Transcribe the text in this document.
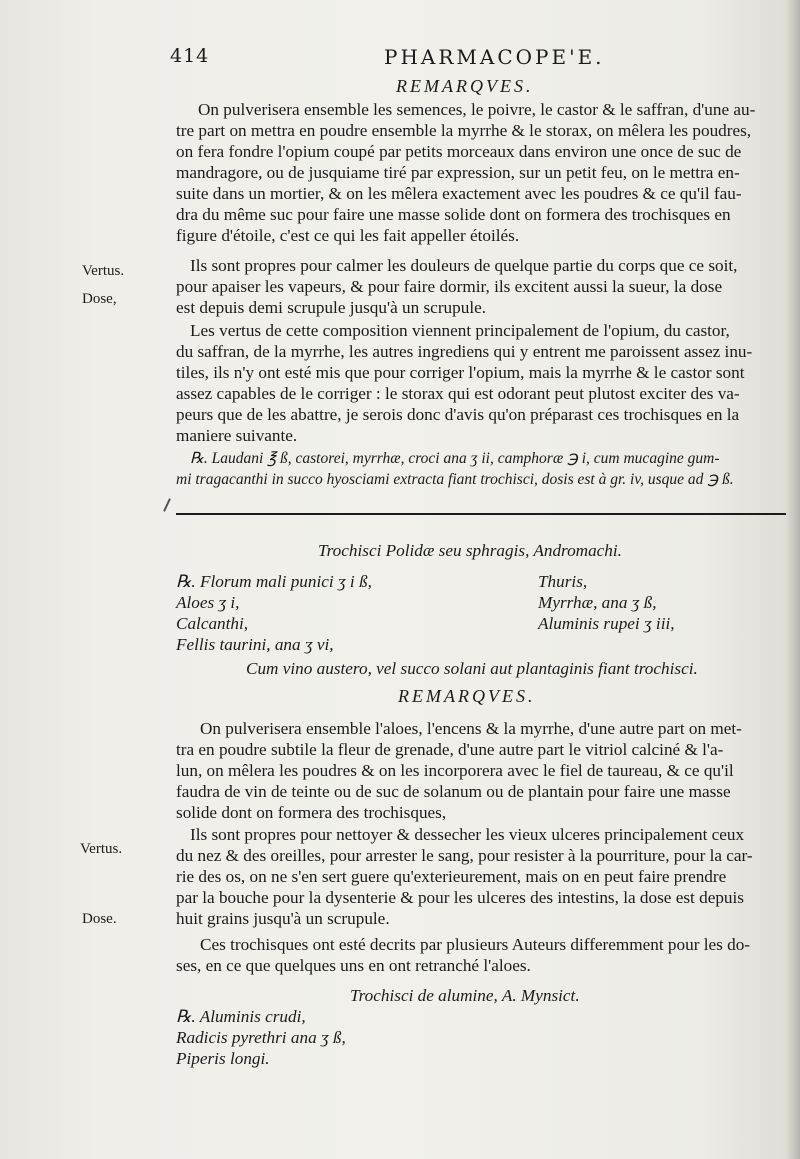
414	PHARMACOPE'E.
REMARQVES.
On pulverisera ensemble les semences, le poivre, le castor & le saffran, d'une au-
tre part on mettra en poudre ensemble la myrrhe & le storax, on mêlera les poudres,
on fera fondre l'opium coupé par petits morceaux dans environ une once de suc de
mandragore, ou de jusquiame tiré par expression, sur un petit feu, on le mettra en-
suite dans un mortier, & on les mêlera exactement avec les poudres & ce qu'il fau-
dra du même suc pour faire une masse solide dont on formera des trochisques en
figure d'étoile, c'est ce qui les fait appeller étoilés.
Vertus.
Dose,
Ils sont propres pour calmer les douleurs de quelque partie du corps que ce soit,
pour apaiser les vapeurs, & pour faire dormir, ils excitent aussi la sueur, la dose
est depuis demi scrupule jusqu'à un scrupule.
Les vertus de cette composition viennent principalement de l'opium, du castor,
du saffran, de la myrrhe, les autres ingrediens qui y entrent me paroissent assez inu-
tiles, ils n'y ont esté mis que pour corriger l'opium, mais la myrrhe & le castor sont
assez capables de le corriger : le storax qui est odorant peut plutost exciter des va-
peurs que de les abattre, je serois donc d'avis qu'on préparast ces trochisques en la
maniere suivante.
℞. Laudani ℥ ß, castorei, myrrhæ, croci ana ʒ ii, camphoræ ℈ i, cum mucagine gum-
mi tragacanthi in succo hyosciami extracta fiant trochisci, dosis est à gr. iv, usque ad ℈ ß.
Trochisci Polidæ seu sphragis, Andromachi.
℞. Florum mali punici ʒ i ß,
Aloes ʒ i,
Calcanthi,
Fellis taurini, ana ʒ vi,
Thuris,
Myrrhæ, ana ʒ ß,
Aluminis rupei ʒ iii,
Cum vino austero, vel succo solani aut plantaginis fiant trochisci.
REMARQVES.
On pulverisera ensemble l'aloes, l'encens & la myrrhe, d'une autre part on met-
tra en poudre subtile la fleur de grenade, d'une autre part le vitriol calciné & l'a-
lun, on mêlera les poudres & on les incorporera avec le fiel de taureau, & ce qu'il
faudra de vin de teinte ou de suc de solanum ou de plantain pour faire une masse
solide dont on formera des trochisques,
Vertus.
Dose.
Ils sont propres pour nettoyer & dessecher les vieux ulceres principalement ceux
du nez & des oreilles, pour arrester le sang, pour resister à la pourriture, pour la car-
rie des os, on ne s'en sert guere qu'exterieurement, mais on en peut faire prendre
par la bouche pour la dysenterie & pour les ulceres des intestins, la dose est depuis
huit grains jusqu'à un scrupule.
Ces trochisques ont esté decrits par plusieurs Auteurs differemment pour les do-
ses, en ce que quelques uns en ont retranché l'aloes.
Trochisci de alumine, A. Mynsict.
℞. Aluminis crudi,
Radicis pyrethri ana ʒ ß,
Piperis longi.
